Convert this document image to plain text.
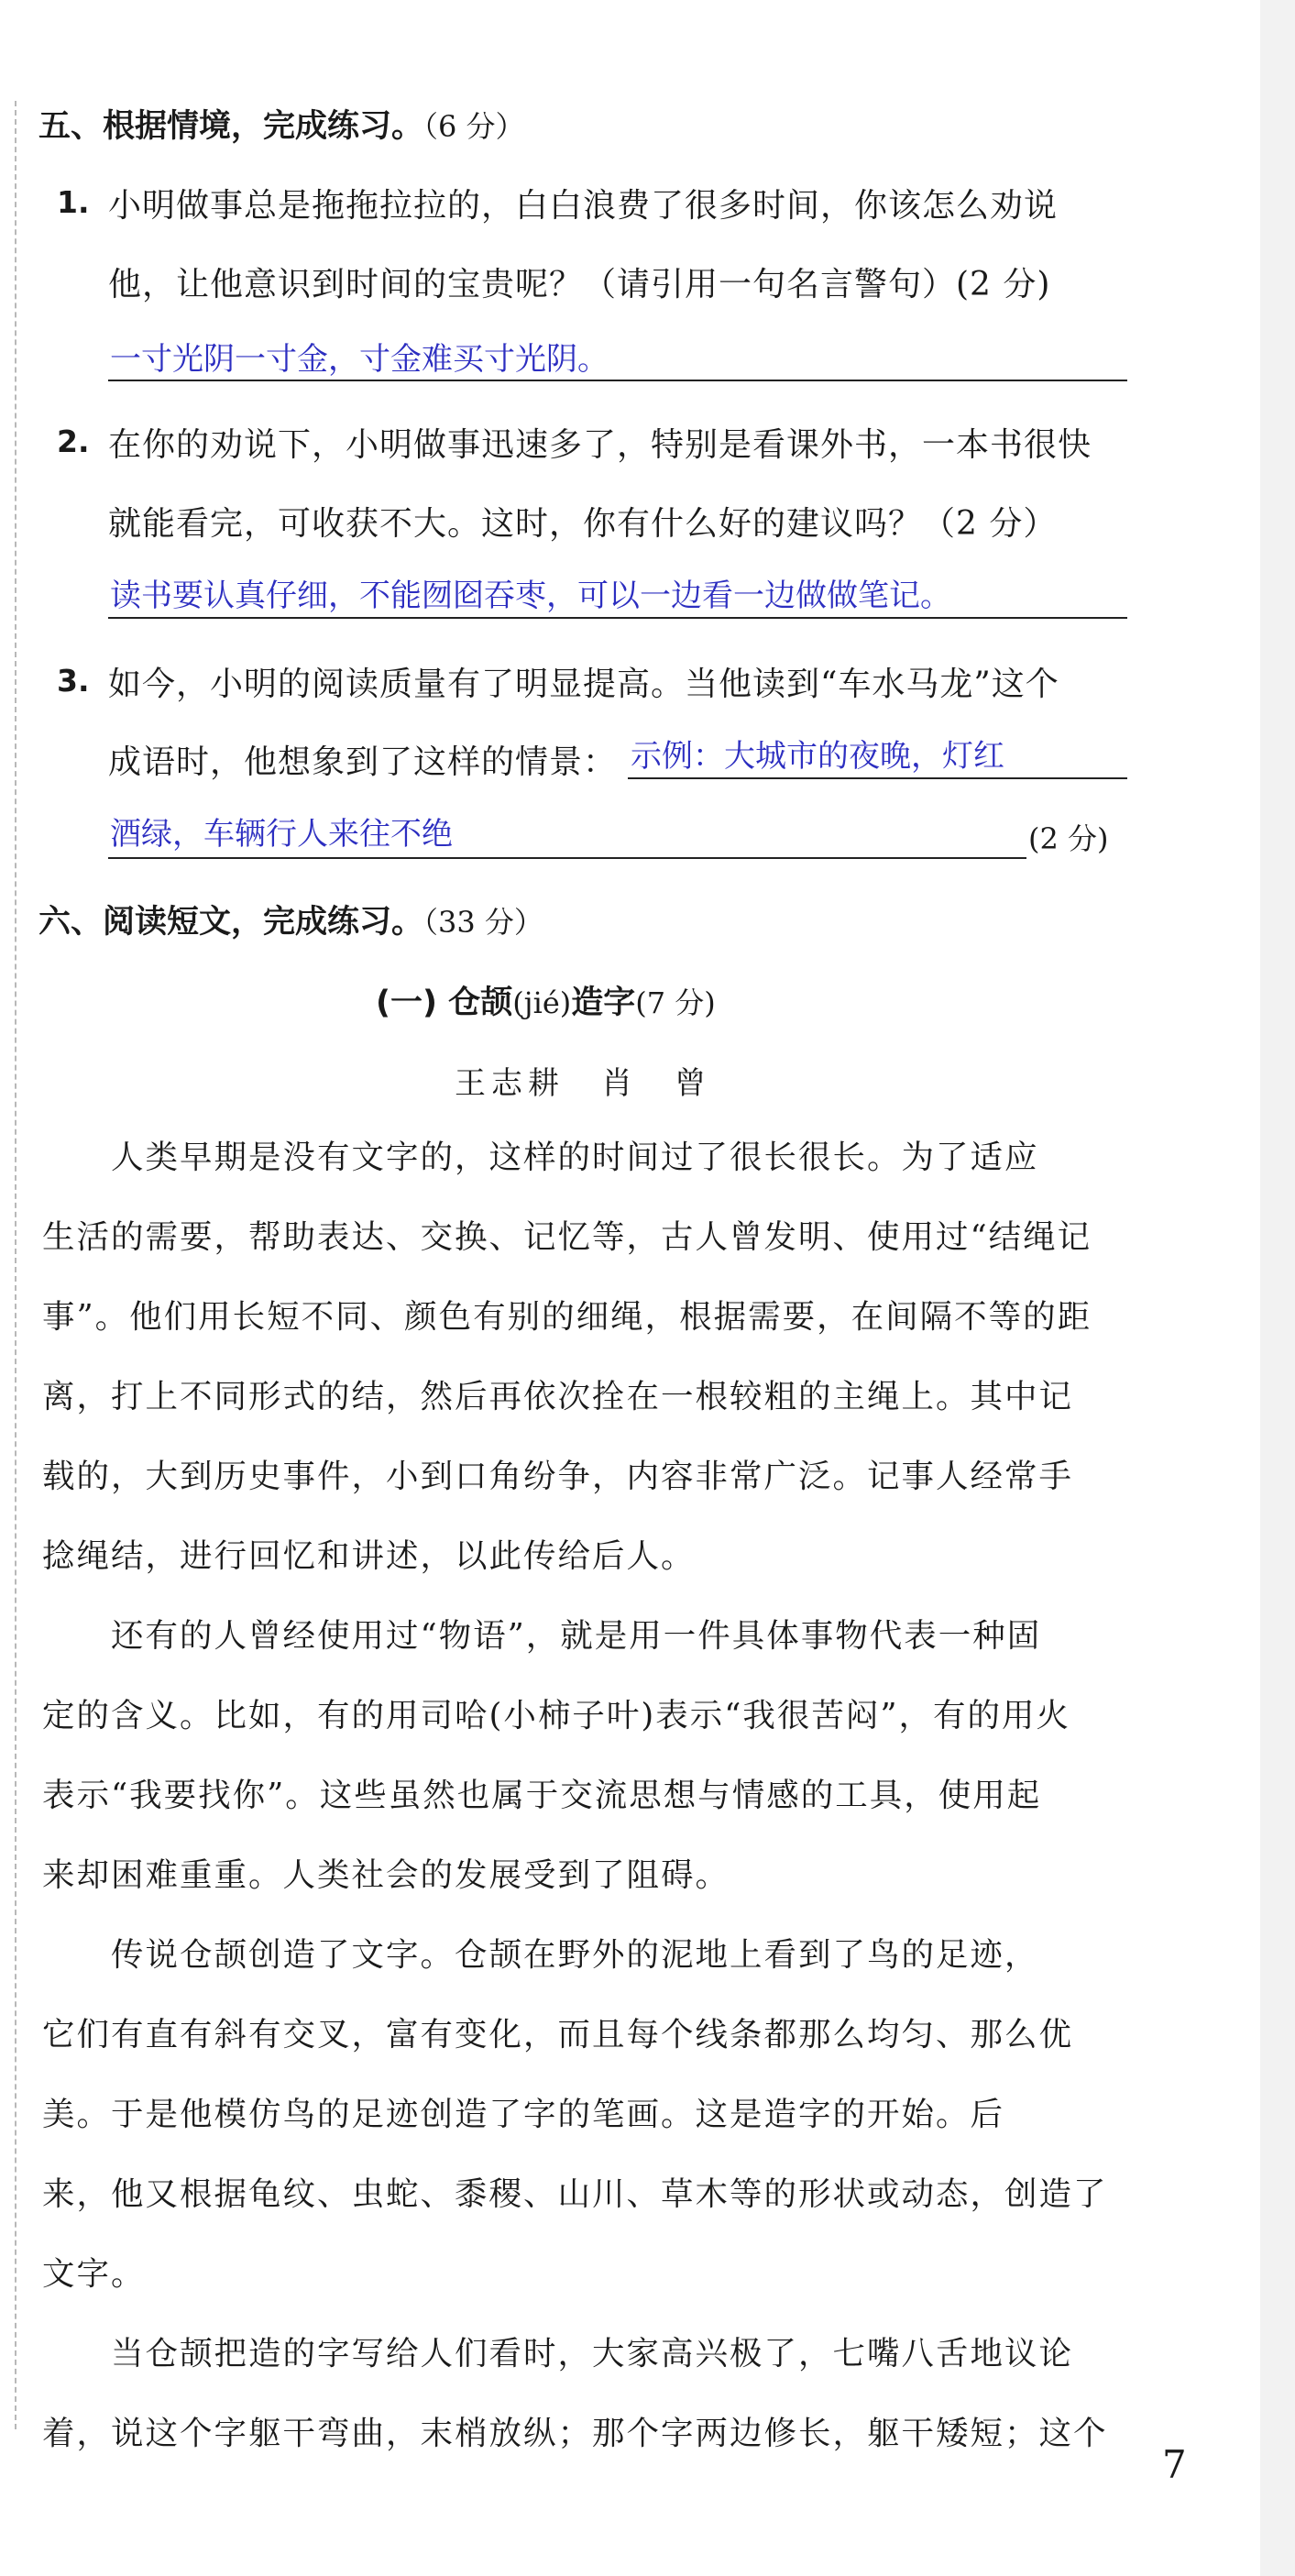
五、根据情境，完成练习。（6 分）
1. 小明做事总是拖拖拉拉的，白白浪费了很多时间，你该怎么劝说
他，让他意识到时间的宝贵呢？（请引用一句名言警句）(2 分)
一寸光阴一寸金，寸金难买寸光阴。
2. 在你的劝说下，小明做事迅速多了，特别是看课外书，一本书很快
就能看完，可收获不大。这时，你有什么好的建议吗？（2 分）
读书要认真仔细，不能囫囵吞枣，可以一边看一边做做笔记。
3. 如今，小明的阅读质量有了明显提高。当他读到“车水马龙”这个
成语时，他想象到了这样的情景： 示例：大城市的夜晚，灯红
酒绿，车辆行人来往不绝	(2 分)
六、阅读短文，完成练习。（33 分）
(一) 仓颉(jié)造字(7 分)
王志耕　肖　曾
　　人类早期是没有文字的，这样的时间过了很长很长。为了适应
生活的需要，帮助表达、交换、记忆等，古人曾发明、使用过“结绳记
事”。他们用长短不同、颜色有别的细绳，根据需要，在间隔不等的距
离，打上不同形式的结，然后再依次拴在一根较粗的主绳上。其中记
载的，大到历史事件，小到口角纷争，内容非常广泛。记事人经常手
捻绳结，进行回忆和讲述，以此传给后人。
　　还有的人曾经使用过“物语”，就是用一件具体事物代表一种固
定的含义。比如，有的用司哈(小柿子叶)表示“我很苦闷”，有的用火
表示“我要找你”。这些虽然也属于交流思想与情感的工具，使用起
来却困难重重。人类社会的发展受到了阻碍。
　　传说仓颉创造了文字。仓颉在野外的泥地上看到了鸟的足迹，
它们有直有斜有交叉，富有变化，而且每个线条都那么均匀、那么优
美。于是他模仿鸟的足迹创造了字的笔画。这是造字的开始。后
来，他又根据龟纹、虫蛇、黍稷、山川、草木等的形状或动态，创造了
文字。
　　当仓颉把造的字写给人们看时，大家高兴极了，七嘴八舌地议论
着，说这个字躯干弯曲，末梢放纵；那个字两边修长，躯干矮短；这个
7
